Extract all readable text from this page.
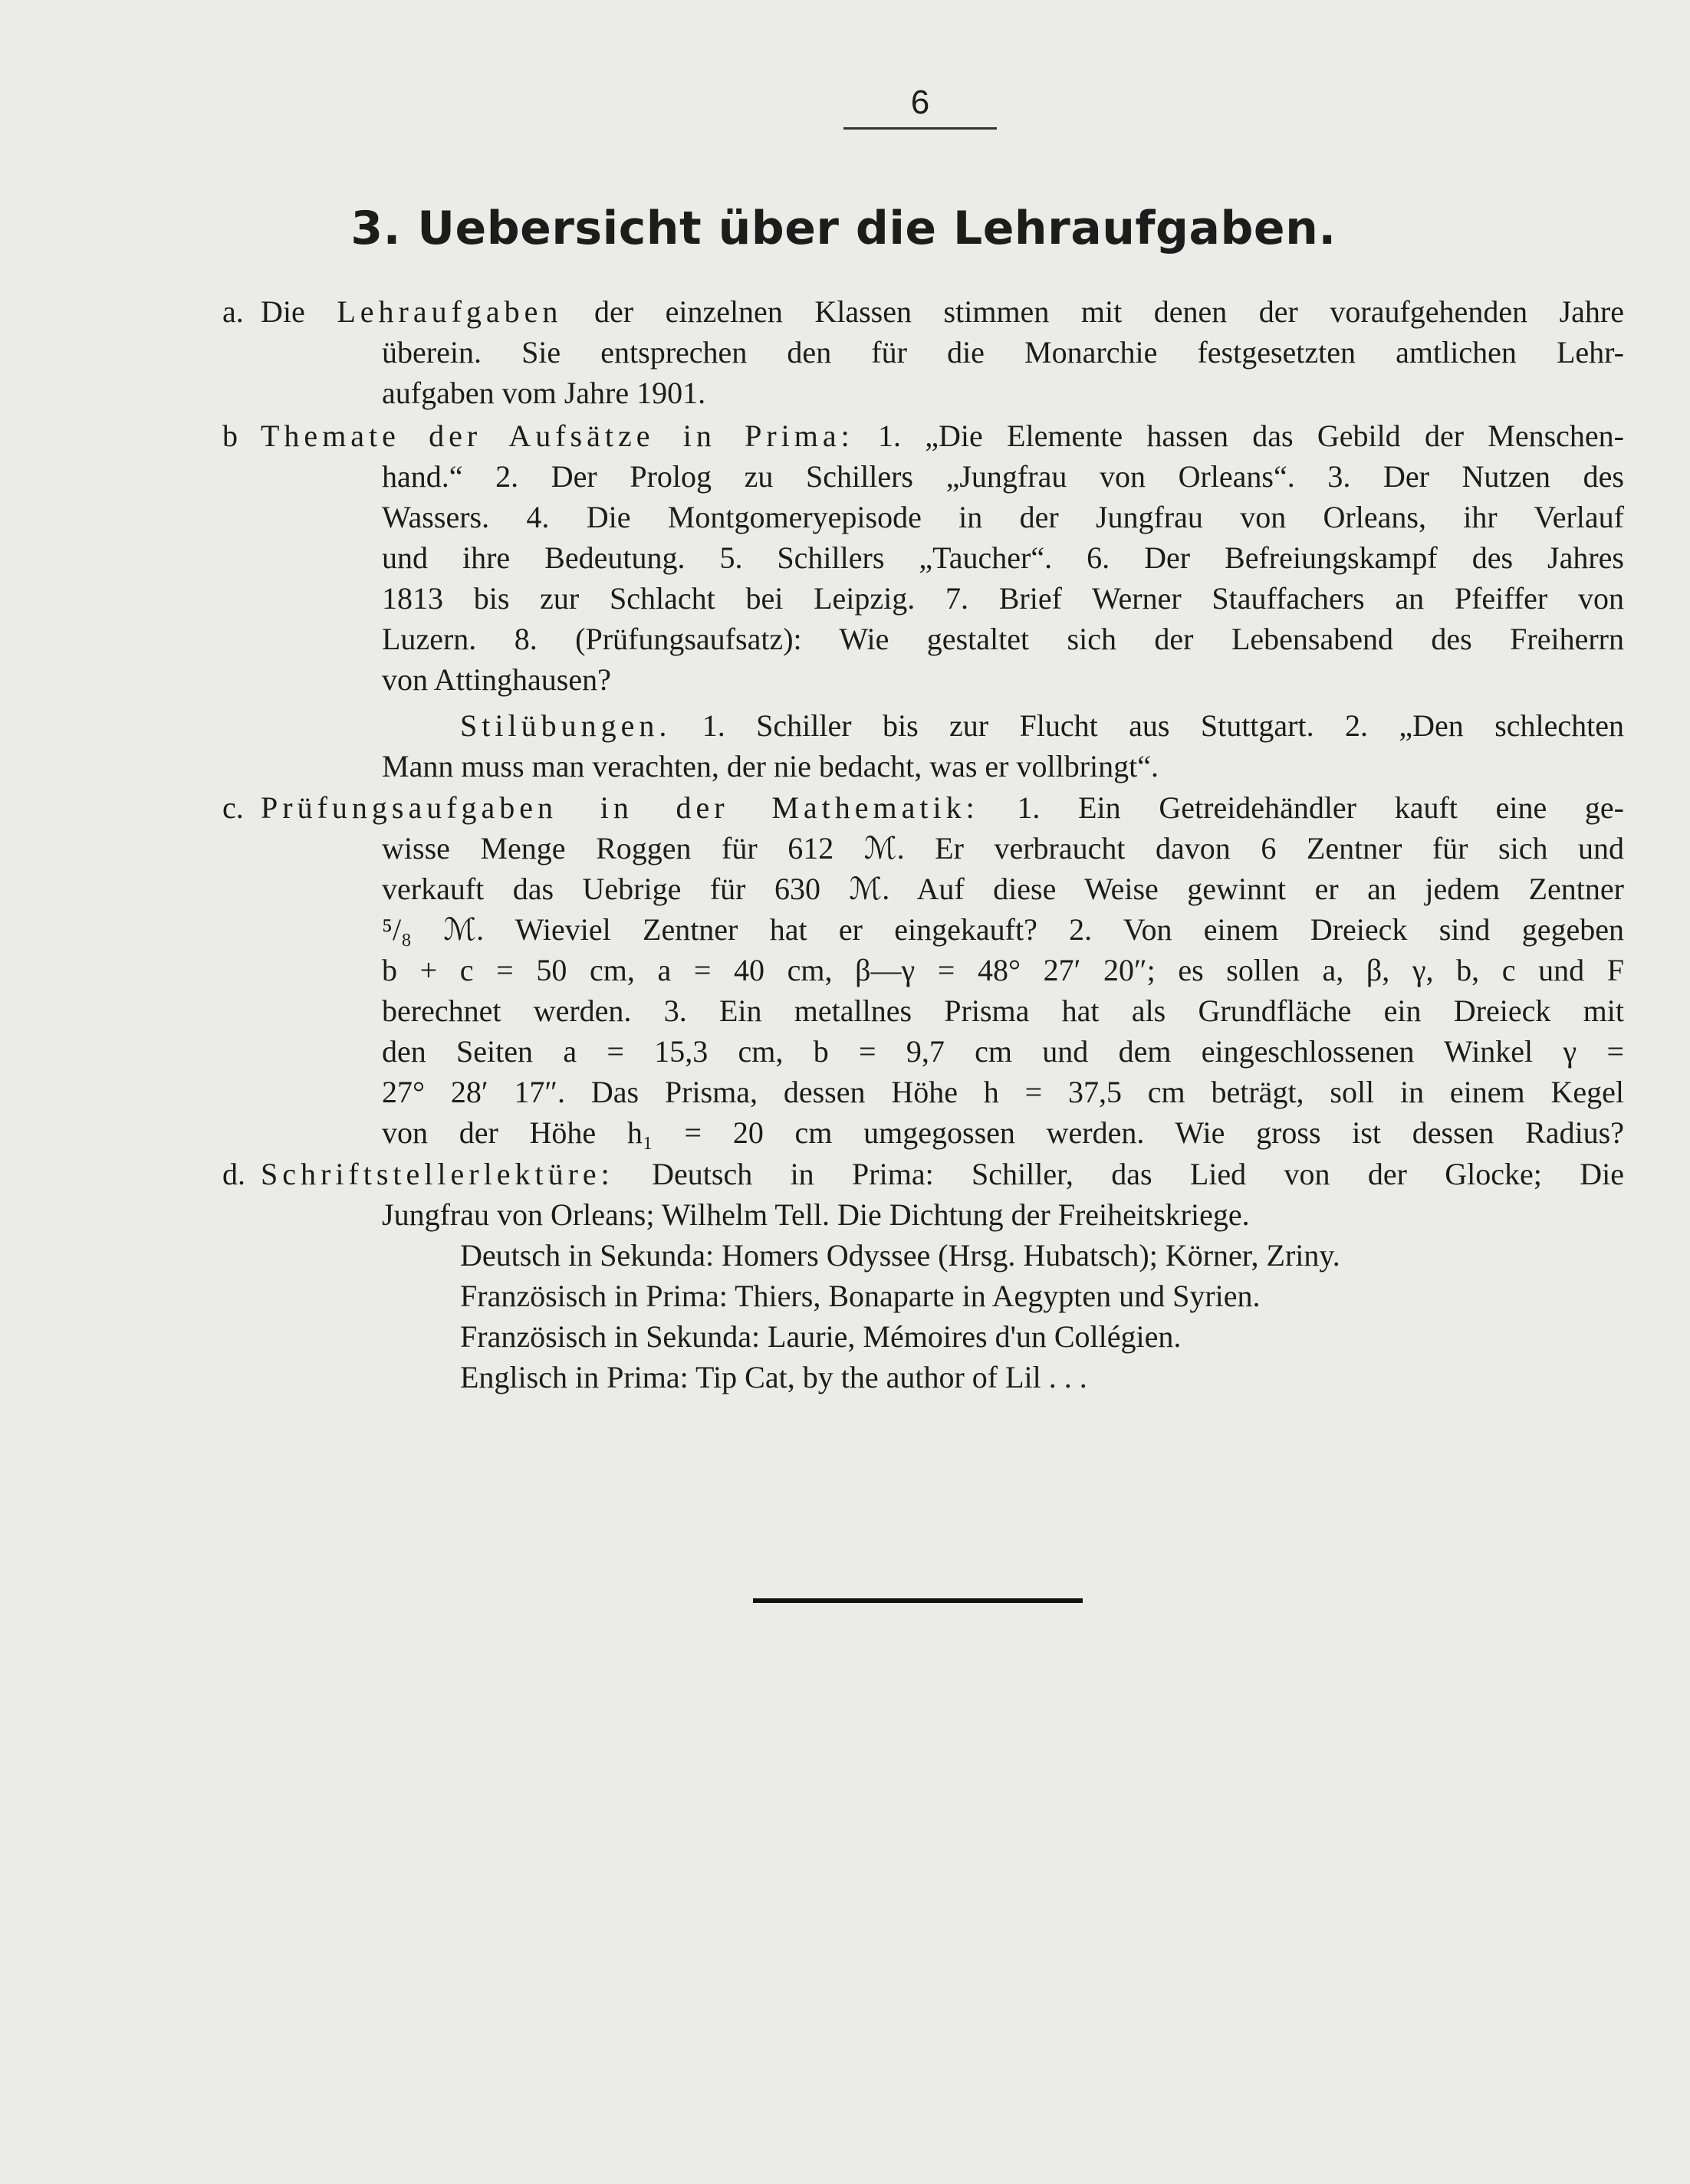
6
3. Uebersicht über die Lehraufgaben.
a. Die Lehraufgaben der einzelnen Klassen stimmen mit denen der voraufgehenden Jahre
überein. Sie entsprechen den für die Monarchie festgesetzten amtlichen Lehr-
aufgaben vom Jahre 1901.
b Themate der Aufsätze in Prima: 1. „Die Elemente hassen das Gebild der Menschen-
hand.“ 2. Der Prolog zu Schillers „Jungfrau von Orleans“. 3. Der Nutzen des
Wassers. 4. Die Montgomeryepisode in der Jungfrau von Orleans, ihr Verlauf
und ihre Bedeutung. 5. Schillers „Taucher“. 6. Der Befreiungskampf des Jahres
1813 bis zur Schlacht bei Leipzig. 7. Brief Werner Stauffachers an Pfeiffer von
Luzern. 8. (Prüfungsaufsatz): Wie gestaltet sich der Lebensabend des Freiherrn
von Attinghausen?
Stilübungen. 1. Schiller bis zur Flucht aus Stuttgart. 2. „Den schlechten
Mann muss man verachten, der nie bedacht, was er vollbringt“.
c. Prüfungsaufgaben in der Mathematik: 1. Ein Getreidehändler kauft eine ge-
wisse Menge Roggen für 612 ℳ. Er verbraucht davon 6 Zentner für sich und
verkauft das Uebrige für 630 ℳ. Auf diese Weise gewinnt er an jedem Zentner
⁵/₈ ℳ. Wieviel Zentner hat er eingekauft? 2. Von einem Dreieck sind gegeben
b + c = 50 cm, a = 40 cm, β—γ = 48° 27′ 20″; es sollen a, β, γ, b, c und F
berechnet werden. 3. Ein metallnes Prisma hat als Grundfläche ein Dreieck mit
den Seiten a = 15,3 cm, b = 9,7 cm und dem eingeschlossenen Winkel γ =
27° 28′ 17″. Das Prisma, dessen Höhe h = 37,5 cm beträgt, soll in einem Kegel
von der Höhe h₁ = 20 cm umgegossen werden. Wie gross ist dessen Radius?
d. Schriftstellerlektüre: Deutsch in Prima: Schiller, das Lied von der Glocke; Die
Jungfrau von Orleans; Wilhelm Tell. Die Dichtung der Freiheitskriege.
Deutsch in Sekunda: Homers Odyssee (Hrsg. Hubatsch); Körner, Zriny.
Französisch in Prima: Thiers, Bonaparte in Aegypten und Syrien.
Französisch in Sekunda: Laurie, Mémoires d'un Collégien.
Englisch in Prima: Tip Cat, by the author of Lil . . .
